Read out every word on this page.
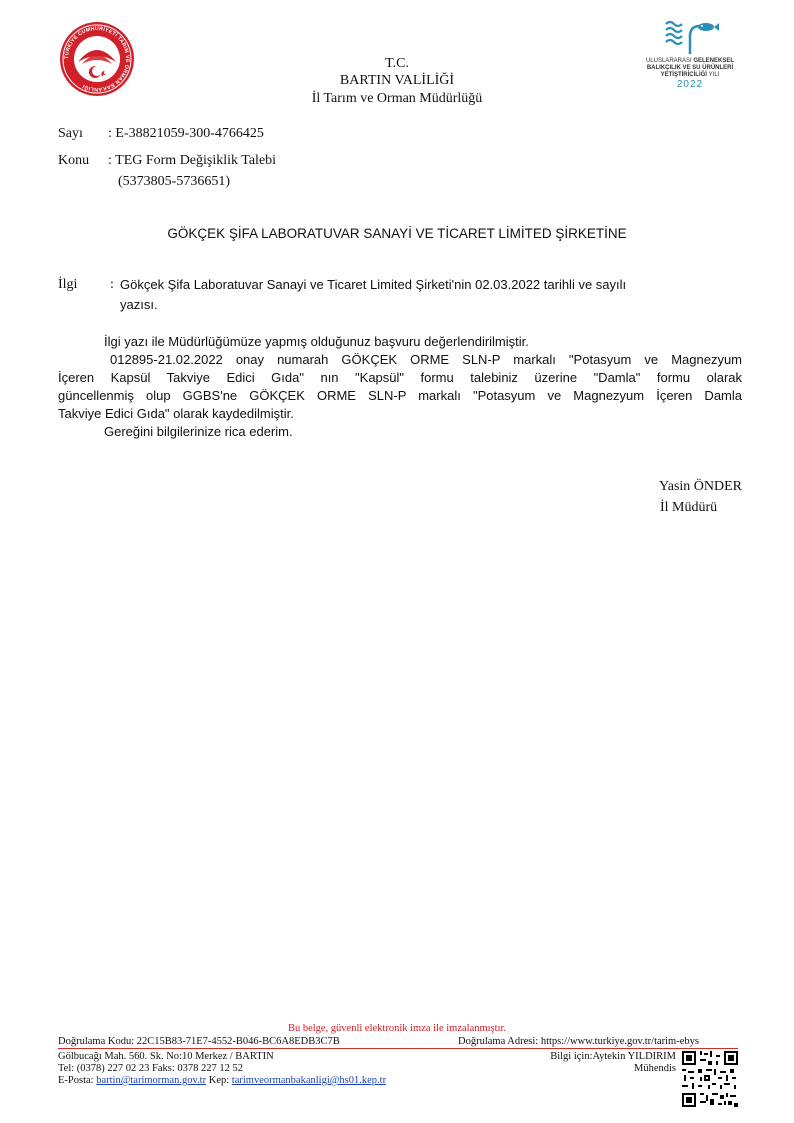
TÜRKİYE CUMHURİYETİ TARIM VE ORMAN BAKANLIĞI
T.C.
BARTIN VALİLİĞİ
İl Tarım ve Orman Müdürlüğü
ULUSLARARASI GELENEKSEL
BALIKÇILIK VE SU ÜRÜNLERİ
YETİŞTİRİCİLİĞİ YILI
2022
Sayı : E-38821059-300-4766425
Konu : TEG Form Değişiklik Talebi
(5373805-5736651)
GÖKÇEK ŞİFA LABORATUVAR SANAYİ VE TİCARET LİMİTED ŞİRKETİNE
İlgi : Gökçek Şifa Laboratuvar Sanayi ve Ticaret Limited Şirketi'nin 02.03.2022 tarihli ve sayılı
yazısı.
İlgi yazı ile Müdürlüğümüze yapmış olduğunuz başvuru değerlendirilmiştir.
012895-21.02.2022 onay numarah GÖKÇEK ORME SLN-P markalı "Potasyum ve Magnezyum
İçeren Kapsül Takviye Edici Gıda" nın "Kapsül" formu talebiniz üzerine "Damla" formu olarak
güncellenmiş olup GGBS'ne GÖKÇEK ORME SLN-P markalı "Potasyum ve Magnezyum İçeren Damla
Takviye Edici Gıda" olarak kaydedilmiştir.
Gereğini bilgilerinize rica ederim.
Yasin ÖNDER
İl Müdürü
Bu belge, güvenli elektronik imza ile imzalanmıştır.
Doğrulama Kodu: 22C15B83-71E7-4552-B046-BC6A8EDB3C7B	Doğrulama Adresi: https://www.turkiye.gov.tr/tarim-ebys
Gölbucağı Mah. 560. Sk. No:10 Merkez / BARTIN
Tel: (0378) 227 02 23 Faks: 0378 227 12 52
E-Posta: bartin@tarimorman.gov.tr Kep: tarimveormanbakanligi@hs01.kep.tr
Bilgi için:Aytekin YILDIRIM
Mühendis
